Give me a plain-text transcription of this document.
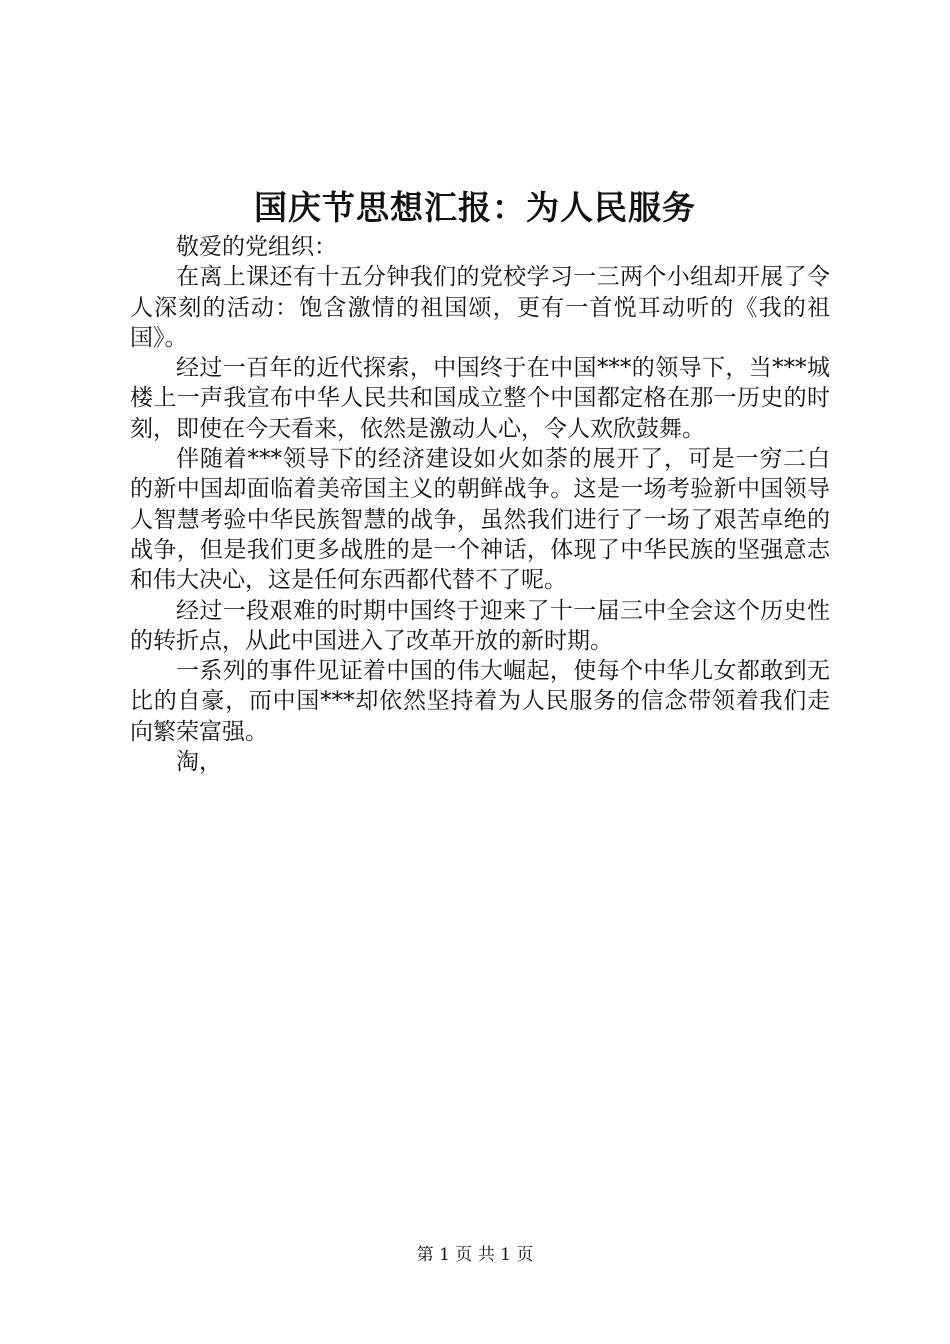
国庆节思想汇报：为人民服务

敬爱的党组织：

在离上课还有十五分钟我们的党校学习一三两个小组却开展了令人深刻的活动：饱含激情的祖国颂，更有一首悦耳动听的《我的祖国》。

经过一百年的近代探索，中国终于在中国***的领导下，当***城楼上一声我宣布中华人民共和国成立整个中国都定格在那一历史的时刻，即使在今天看来，依然是激动人心，令人欢欣鼓舞。

伴随着***领导下的经济建设如火如荼的展开了，可是一穷二白的新中国却面临着美帝国主义的朝鲜战争。这是一场考验新中国领导人智慧考验中华民族智慧的战争，虽然我们进行了一场了艰苦卓绝的战争，但是我们更多战胜的是一个神话，体现了中华民族的坚强意志和伟大决心，这是任何东西都代替不了呢。

经过一段艰难的时期中国终于迎来了十一届三中全会这个历史性的转折点，从此中国进入了改革开放的新时期。

一系列的事件见证着中国的伟大崛起，使每个中华儿女都敢到无比的自豪，而中国***却依然坚持着为人民服务的信念带领着我们走向繁荣富强。

淘，

第 1 页 共 1 页
